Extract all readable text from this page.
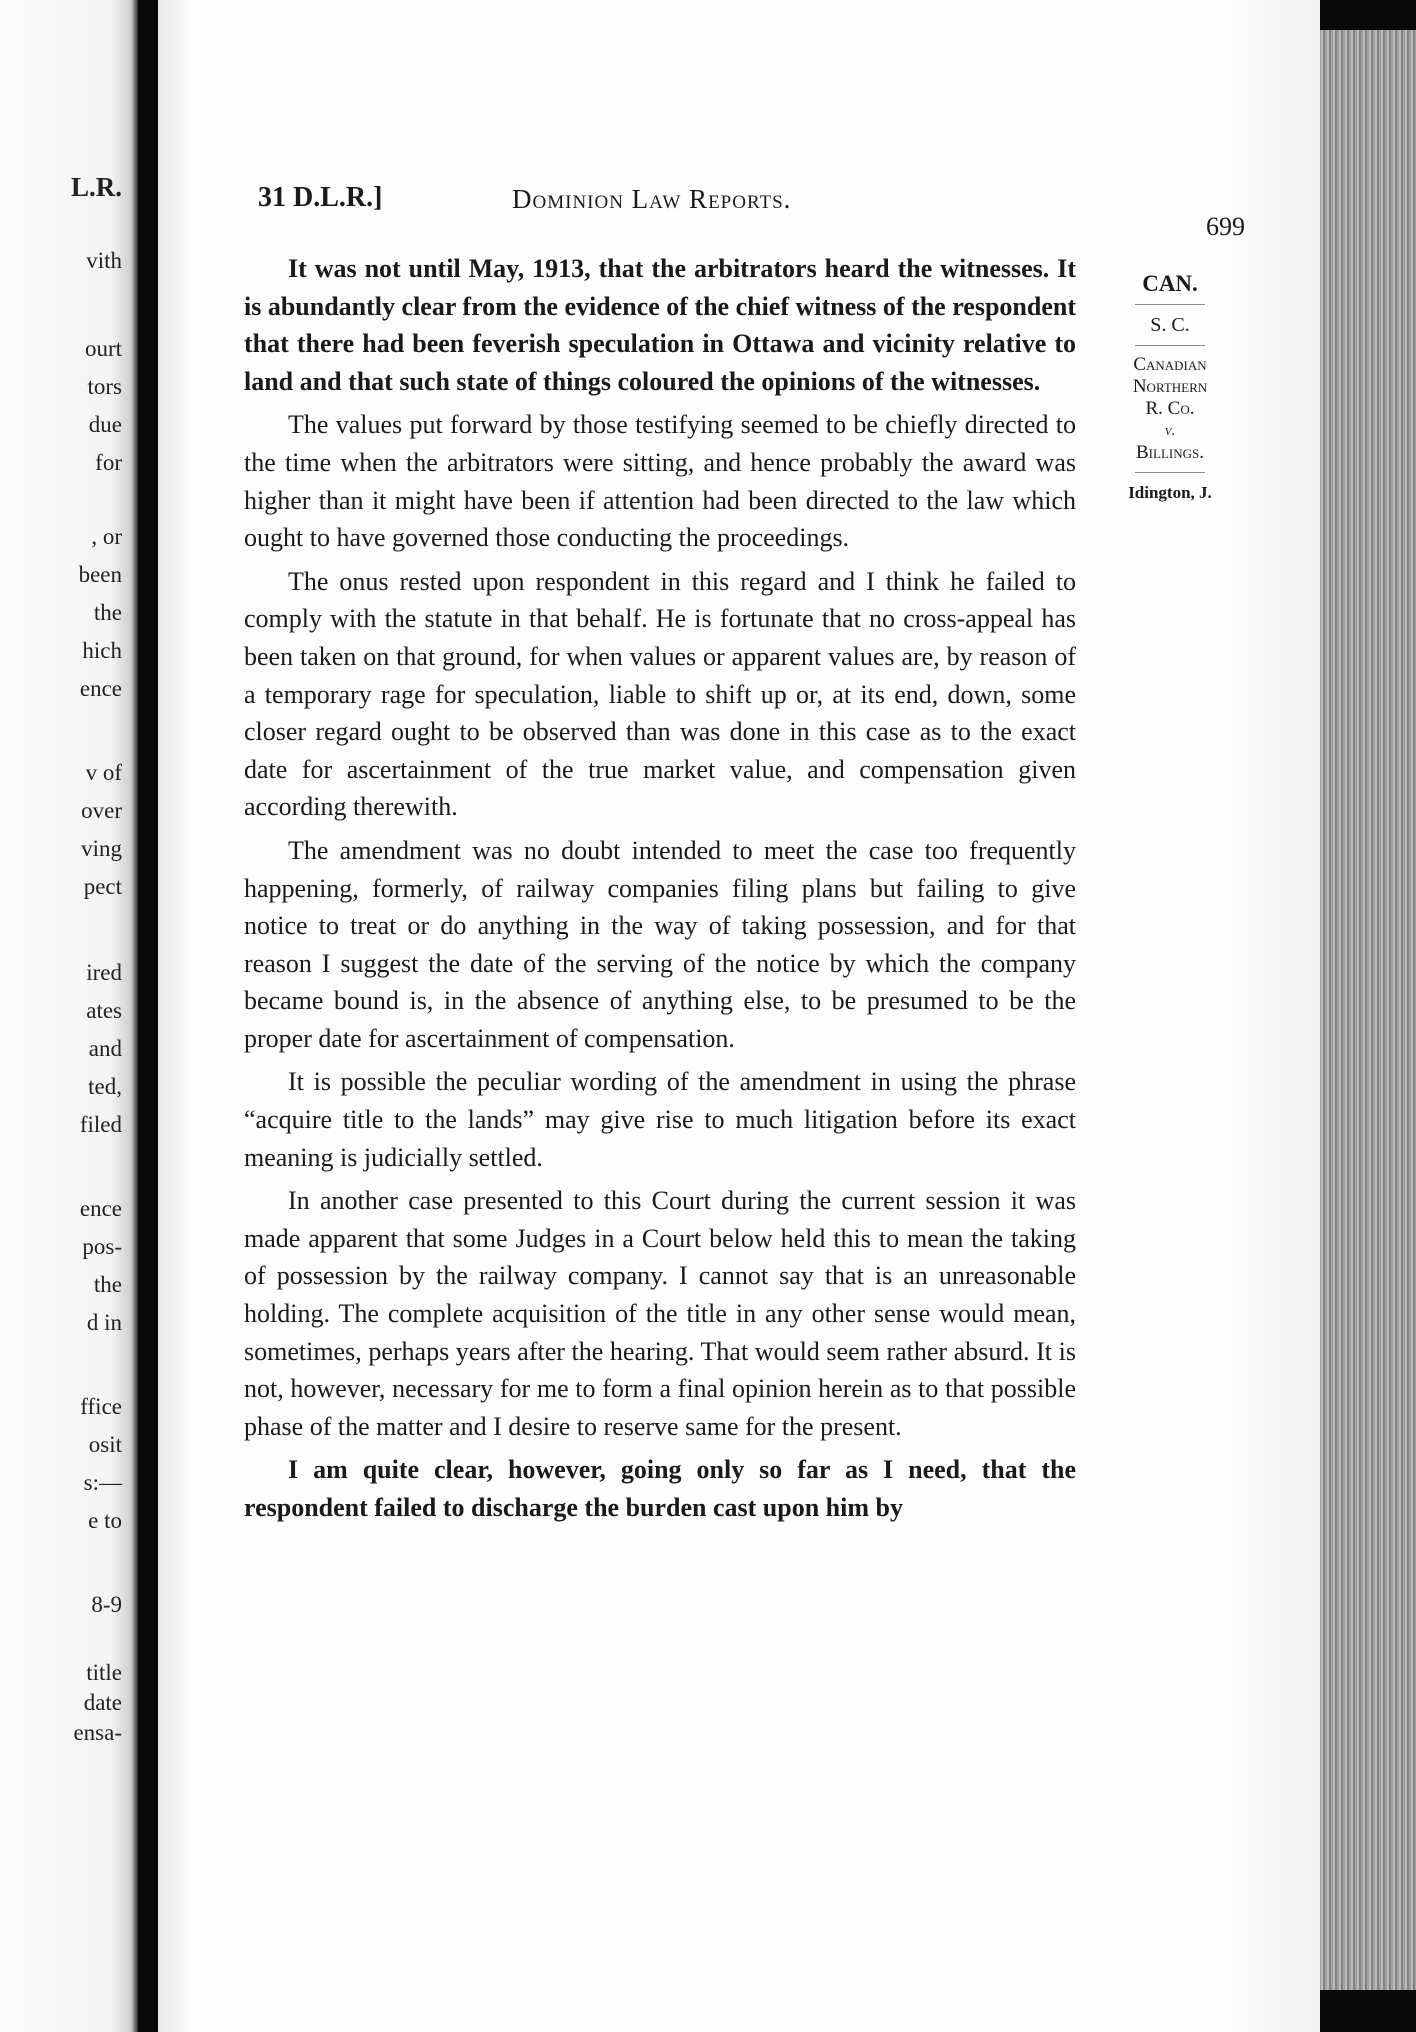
L.R.
vith
ourt
tors
due
for
, or
been
the
hich
ence
v of
over
ving
pect
ired
ates
and
ted,
filed
ence
pos-
the
d in
ffice
osit
s:—
e to
8-9
title
date
ensa-
31 D.L.R.]	Dominion Law Reports.
699
CAN.
S. C.
Canadian
Northern
R. Co.
v.
Billings.
Idington, J.

It was not until May, 1913, that the arbitrators heard the witnesses. It is abundantly clear from the evidence of the chief witness of the respondent that there had been feverish speculation in Ottawa and vicinity relative to land and that such state of things coloured the opinions of the witnesses.

The values put forward by those testifying seemed to be chiefly directed to the time when the arbitrators were sitting, and hence probably the award was higher than it might have been if attention had been directed to the law which ought to have governed those conducting the proceedings.

The onus rested upon respondent in this regard and I think he failed to comply with the statute in that behalf. He is fortunate that no cross-appeal has been taken on that ground, for when values or apparent values are, by reason of a temporary rage for speculation, liable to shift up or, at its end, down, some closer regard ought to be observed than was done in this case as to the exact date for ascertainment of the true market value, and compensation given according therewith.

The amendment was no doubt intended to meet the case too frequently happening, formerly, of railway companies filing plans but failing to give notice to treat or do anything in the way of taking possession, and for that reason I suggest the date of the serving of the notice by which the company became bound is, in the absence of anything else, to be presumed to be the proper date for ascertainment of compensation.

It is possible the peculiar wording of the amendment in using the phrase “acquire title to the lands” may give rise to much litigation before its exact meaning is judicially settled.

In another case presented to this Court during the current session it was made apparent that some Judges in a Court below held this to mean the taking of possession by the railway company. I cannot say that is an unreasonable holding. The complete acquisition of the title in any other sense would mean, sometimes, perhaps years after the hearing. That would seem rather absurd. It is not, however, necessary for me to form a final opinion herein as to that possible phase of the matter and I desire to reserve same for the present.

I am quite clear, however, going only so far as I need, that the respondent failed to discharge the burden cast upon him by
